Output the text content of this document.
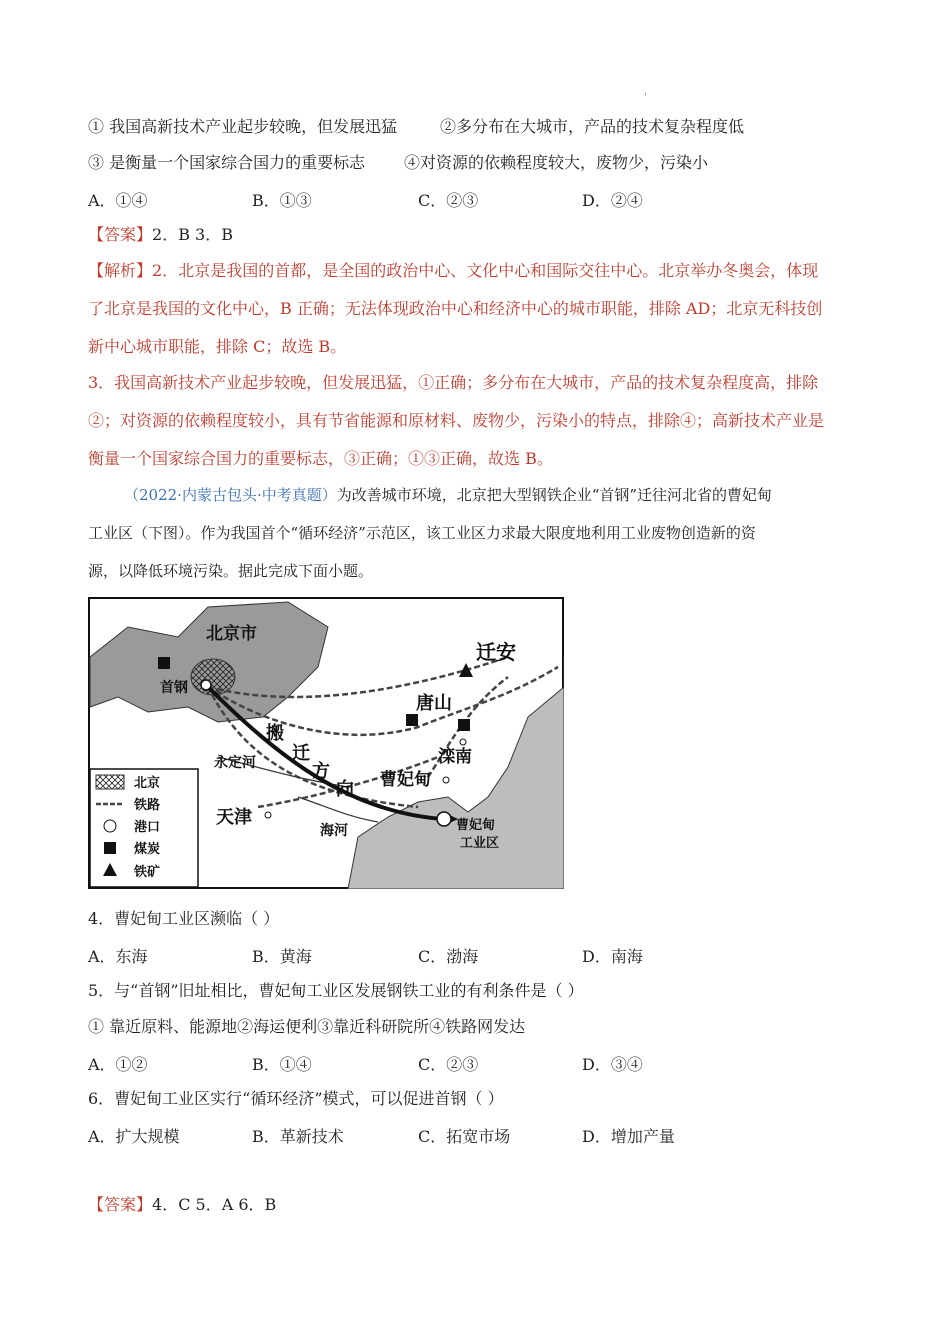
'
① 我国高新技术产业起步较晚，但发展迅猛	②多分布在大城市，产品的技术复杂程度低
③ 是衡量一个国家综合国力的重要标志 ④对资源的依赖程度较大，废物少，污染小
A．①④	B．①③	C．②③	D．②④
【答案】2．B 3．B
【解析】2．北京是我国的首都，是全国的政治中心、文化中心和国际交往中心。北京举办冬奥会，体现
了北京是我国的文化中心，B 正确；无法体现政治中心和经济中心的城市职能，排除 AD；北京无科技创
新中心城市职能，排除 C；故选 B。
3．我国高新技术产业起步较晚，但发展迅猛，①正确；多分布在大城市，产品的技术复杂程度高，排除
②；对资源的依赖程度较小，具有节省能源和原材料、废物少，污染小的特点，排除④；高新技术产业是
衡量一个国家综合国力的重要标志，③正确；①③正确，故选 B。
（2022·内蒙古包头·中考真题）为改善城市环境，北京把大型钢铁企业“首钢”迁往河北省的曹妃甸
工业区（下图）。作为我国首个“循环经济”示范区，该工业区力求最大限度地利用工业废物创造新的资
源，以降低环境污染。据此完成下面小题。
北京市
首钢
迁安
唐山
滦南
曹妃甸
曹妃甸
工业区
天津
海河
永定河
搬
迁
方
向
北京
铁路
港口
煤炭
铁矿
4．曹妃甸工业区濒临（ ）
A．东海	B．黄海	C．渤海	D．南海
5．与“首钢”旧址相比，曹妃甸工业区发展钢铁工业的有利条件是（ ）
① 靠近原料、能源地②海运便利③靠近科研院所④铁路网发达
A．①②	B．①④	C．②③	D．③④
6．曹妃甸工业区实行“循环经济”模式，可以促进首钢（ ）
A．扩大规模	B．革新技术	C．拓宽市场	D．增加产量
【答案】4．C 5．A 6．B
